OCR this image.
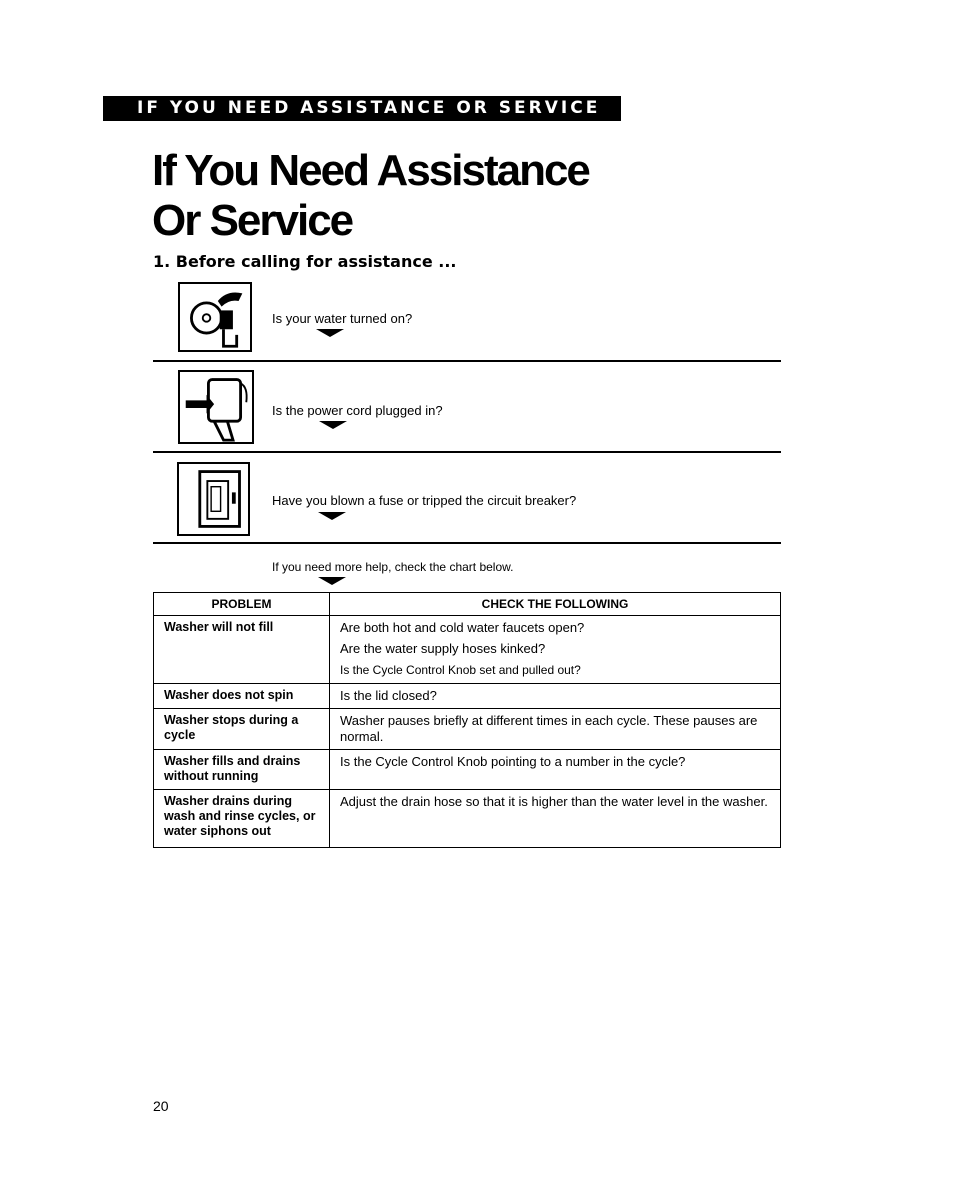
IF YOU NEED ASSISTANCE OR SERVICE
If You Need Assistance
Or Service
1. Before calling for assistance ...
Is your water turned on?
Is the power cord plugged in?
Have you blown a fuse or tripped the circuit breaker?
If you need more help, check the chart below.
PROBLEM	CHECK THE FOLLOWING
Washer will not fill	Are both hot and cold water faucets open?
Are the water supply hoses kinked?
Is the Cycle Control Knob set and pulled out?

Washer does not spin	Is the lid closed?

Washer stops during a cycle	Washer pauses briefly at different times in each cycle. These pauses are normal.

Washer fills and drains without running	Is the Cycle Control Knob pointing to a number in the cycle?

Washer drains during wash and rinse cycles, or water siphons out	Adjust the drain hose so that it is higher than the water level in the washer.
20
